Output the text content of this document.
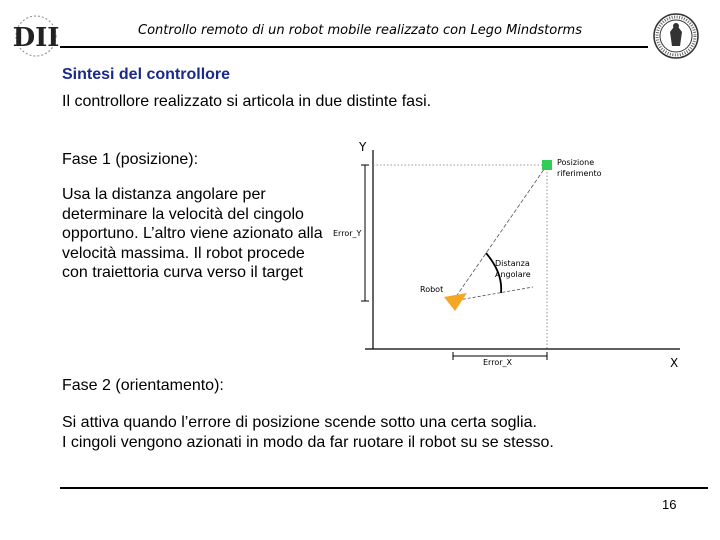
Controllo remoto di un robot mobile realizzato con Lego Mindstorms
DII
Sintesi del controllore
Il controllore realizzato si articola in due distinte fasi.
Fase 1 (posizione):
Usa la distanza angolare per determinare la velocità del cingolo opportuno. L’altro viene azionato alla velocità massima. Il robot procede con traiettoria curva verso il target
Y
X
Error_Y
Error_X
Posizione
riferimento
Distanza
Angolare
Robot
Fase 2 (orientamento):
Si attiva quando l’errore di posizione scende sotto una certa soglia.
I cingoli vengono azionati in modo da far ruotare il robot su se stesso.
16
